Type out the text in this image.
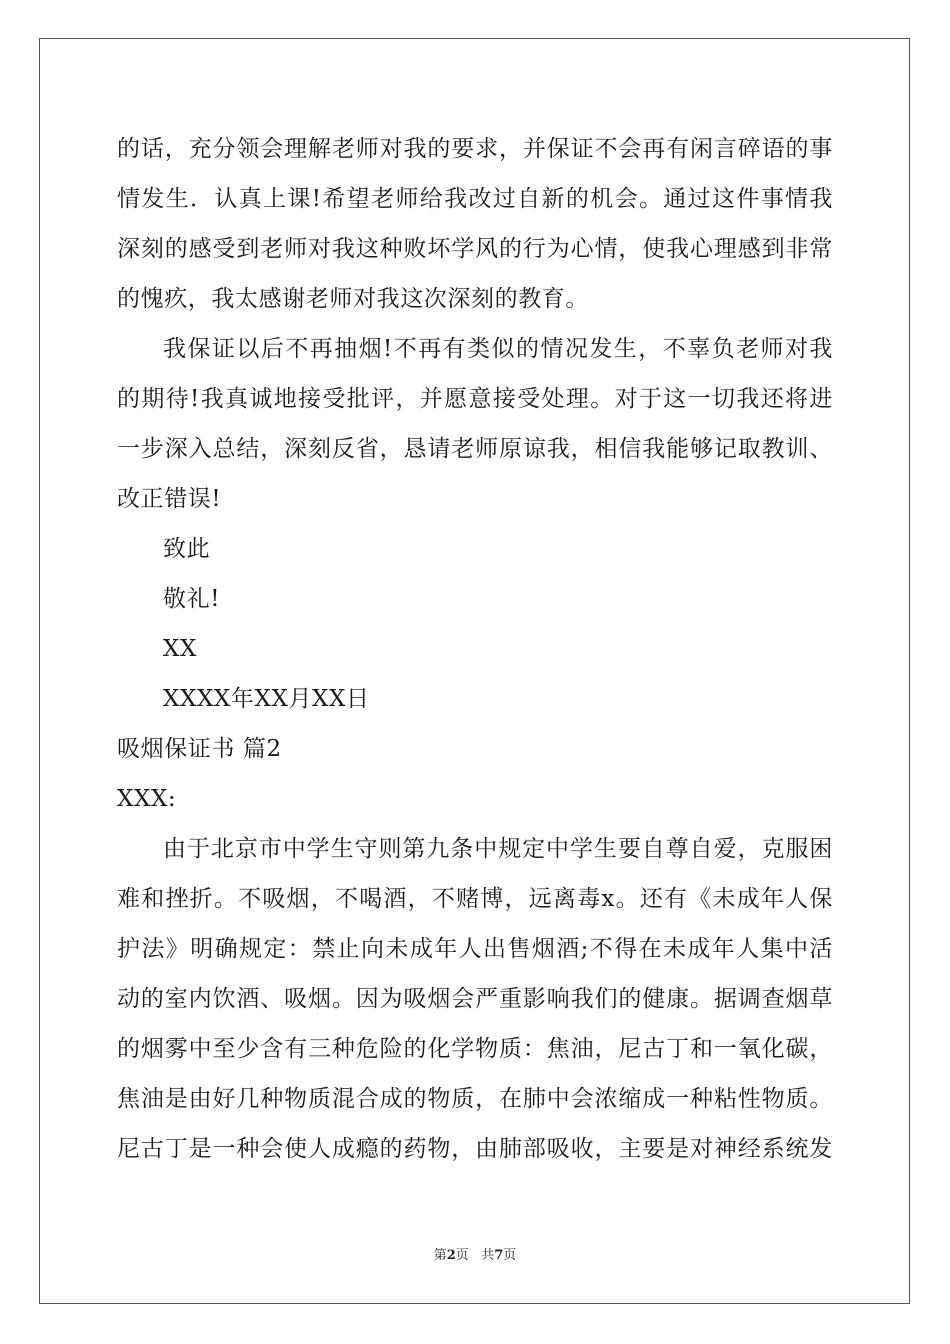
的话，充分领会理解老师对我的要求，并保证不会再有闲言碎语的事
情发生．认真上课!希望老师给我改过自新的机会。通过这件事情我
深刻的感受到老师对我这种败坏学风的行为心情，使我心理感到非常
的愧疚，我太感谢老师对我这次深刻的教育。
我保证以后不再抽烟!不再有类似的情况发生，不辜负老师对我
的期待!我真诚地接受批评，并愿意接受处理。对于这一切我还将进
一步深入总结，深刻反省，恳请老师原谅我，相信我能够记取教训、
改正错误!
致此
敬礼!
XX
XXXX年XX月XX日
吸烟保证书 篇2
XXX:
由于北京市中学生守则第九条中规定中学生要自尊自爱，克服困
难和挫折。不吸烟，不喝酒，不赌博，远离毒x。还有《未成年人保
护法》明确规定：禁止向未成年人出售烟酒;不得在未成年人集中活
动的室内饮酒、吸烟。因为吸烟会严重影响我们的健康。据调查烟草
的烟雾中至少含有三种危险的化学物质：焦油，尼古丁和一氧化碳，
焦油是由好几种物质混合成的物质，在肺中会浓缩成一种粘性物质。
尼古丁是一种会使人成瘾的药物，由肺部吸收，主要是对神经系统发
第2页 共7页
